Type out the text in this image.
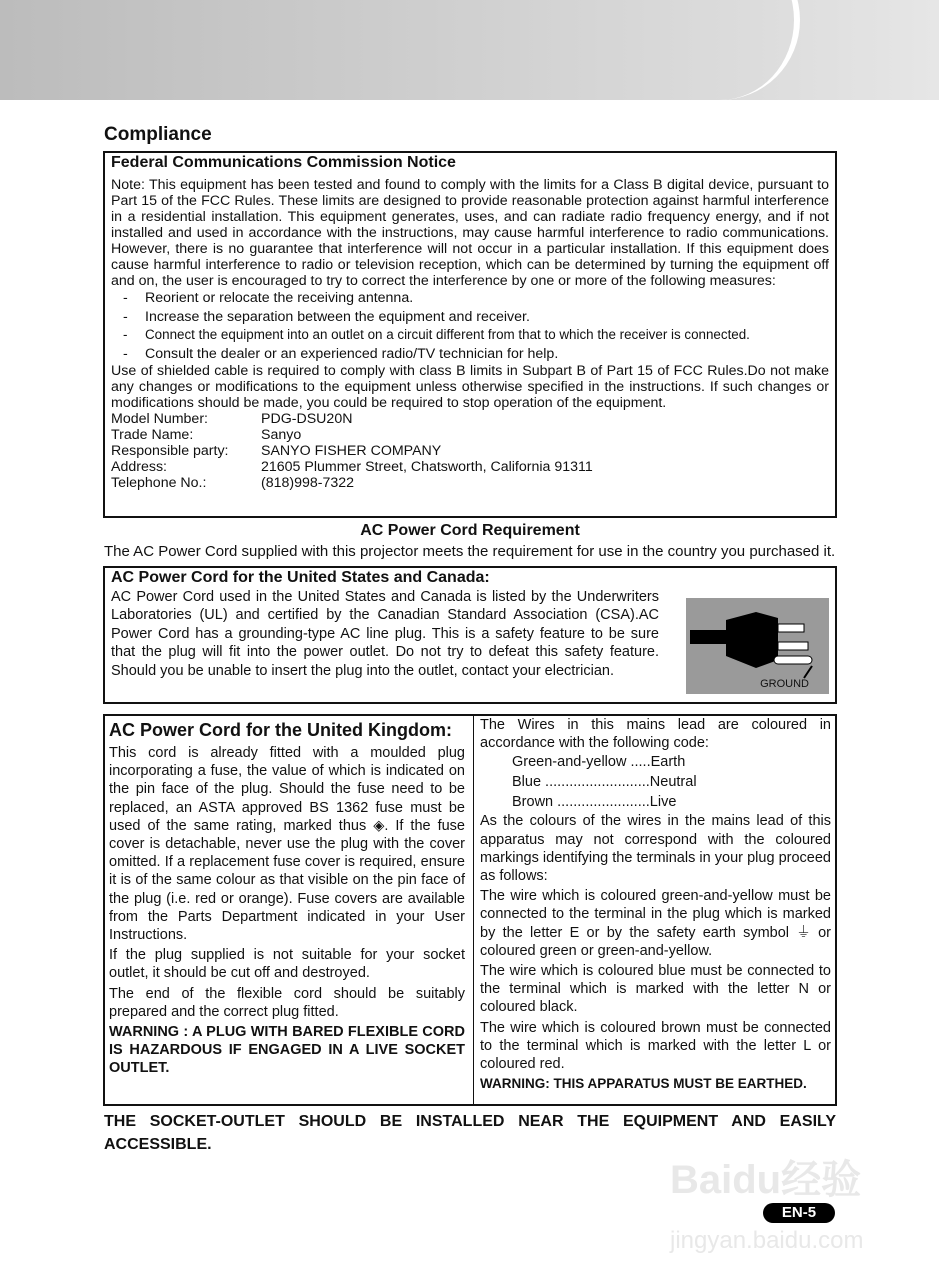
Compliance
Federal Communications Commission Notice

Note: This equipment has been tested and found to comply with the limits for a Class B digital device, pursuant to Part 15 of the FCC Rules. These limits are designed to provide reasonable protection against harmful interference in a residential installation. This equipment generates, uses, and can radiate radio frequency energy, and if not installed and used in accordance with the instructions, may cause harmful interference to radio communications. However, there is no guarantee that interference will not occur in a particular installation. If this equipment does cause harmful interference to radio or television reception, which can be determined by turning the equipment off and on, the user is encouraged to try to correct the interference by one or more of the following measures:

-	Reorient or relocate the receiving antenna.
-	Increase the separation between the equipment and receiver.
-	Connect the equipment into an outlet on a circuit different from that to which the receiver is connected.
-	Consult the dealer or an experienced radio/TV technician for help.

Use of shielded cable is required to comply with class B limits in Subpart B of Part 15 of FCC Rules.Do not make any changes or modifications to the equipment unless otherwise specified in the instructions. If such changes or modifications should be made, you could be required to stop operation of the equipment.

Model Number:	PDG-DSU20N
Trade Name:	Sanyo
Responsible party:	SANYO FISHER COMPANY
Address:	21605 Plummer Street, Chatsworth, California 91311
Telephone No.:	(818)998-7322
AC Power Cord Requirement

The AC Power Cord supplied with this projector meets the requirement for use in the country you purchased it.

AC Power Cord for the United States and Canada:

AC Power Cord used in the United States and Canada is listed by the Underwriters Laboratories (UL) and certified by the Canadian Standard Association (CSA).AC Power Cord has a grounding-type AC line plug. This is a safety feature to be sure that the plug will fit into the power outlet. Do not try to defeat this safety feature. Should you be unable to insert the plug into the outlet, contact your electrician.

GROUND
AC Power Cord for the United Kingdom:

This cord is already fitted with a moulded plug incorporating a fuse, the value of which is indicated on the pin face of the plug. Should the fuse need to be replaced, an ASTA approved BS 1362 fuse must be used of the same rating, marked thus ◈. If the fuse cover is detachable, never use the plug with the cover omitted. If a replacement fuse cover is required, ensure it is of the same colour as that visible on the pin face of the plug (i.e. red or orange). Fuse covers are available from the Parts Department indicated in your User Instructions.

If the plug supplied is not suitable for your socket outlet, it should be cut off and destroyed.

The end of the flexible cord should be suitably prepared and the correct plug fitted.

WARNING : A PLUG WITH BARED FLEXIBLE CORD IS HAZARDOUS IF ENGAGED IN A LIVE SOCKET OUTLET.

The Wires in this mains lead are coloured in accordance with the following code:

Green-and-yellow .....Earth

Blue ..........................Neutral

Brown .......................Live

As the colours of the wires in the mains lead of this apparatus may not correspond with the coloured markings identifying the terminals in your plug proceed as follows:

The wire which is coloured green-and-yellow must be connected to the terminal in the plug which is marked by the letter E or by the safety earth symbol ⏚ or coloured green or green-and-yellow.

The wire which is coloured blue must be connected to the terminal which is marked with the letter N or coloured black.

The wire which is coloured brown must be connected to the terminal which is marked with the letter L or coloured red.

WARNING: THIS APPARATUS MUST BE EARTHED.

THE SOCKET-OUTLET SHOULD BE INSTALLED NEAR THE EQUIPMENT AND EASILY ACCESSIBLE.
Baidu经验
EN-5
jingyan.baidu.com
